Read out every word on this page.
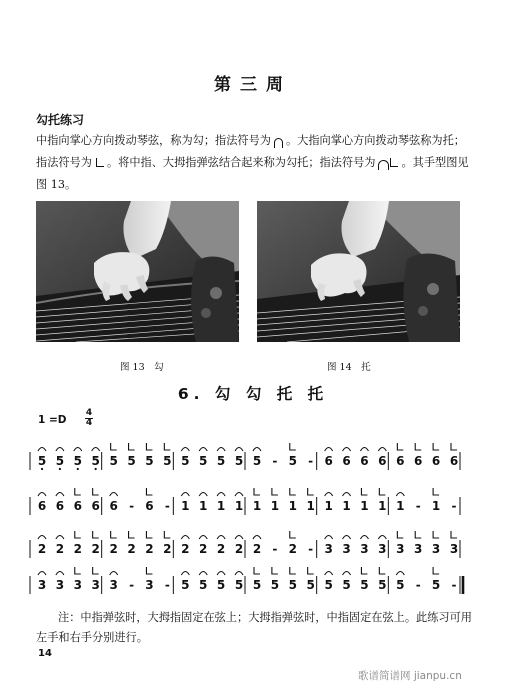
第三周
勾托练习
中指向掌心方向拨动琴弦，称为勾；指法符号为 。大指向掌心方向拨动琴弦称为托；指法符号为 。将中指、大拇指弹弦结合起来称为勾托；指法符号为 。其手型图见图 13。
图 13　勾	图 14　托
6. 勾 勾 托 托
1 =D
4
4
5 5 5 5 5 5 5 5 5 5 5 5 5 - 5 - 6 6 6 6 6 6 6 6
6 6 6 6 6 - 6 - 1 1 1 1 1 1 1 1 1 1 1 1 1 - 1 -
2 2 2 2 2 2 2 2 2 2 2 2 2 - 2 - 3 3 3 3 3 3 3 3
3 3 3 3 3 - 3 - 5 5 5 5 5 5 5 5 5 5 5 5 5 - 5 -
注：中指弹弦时，大拇指固定在弦上；大拇指弹弦时，中指固定在弦上。此练习可用左手和右手分别进行。
14
歌谱简谱网 jianpu.cn
